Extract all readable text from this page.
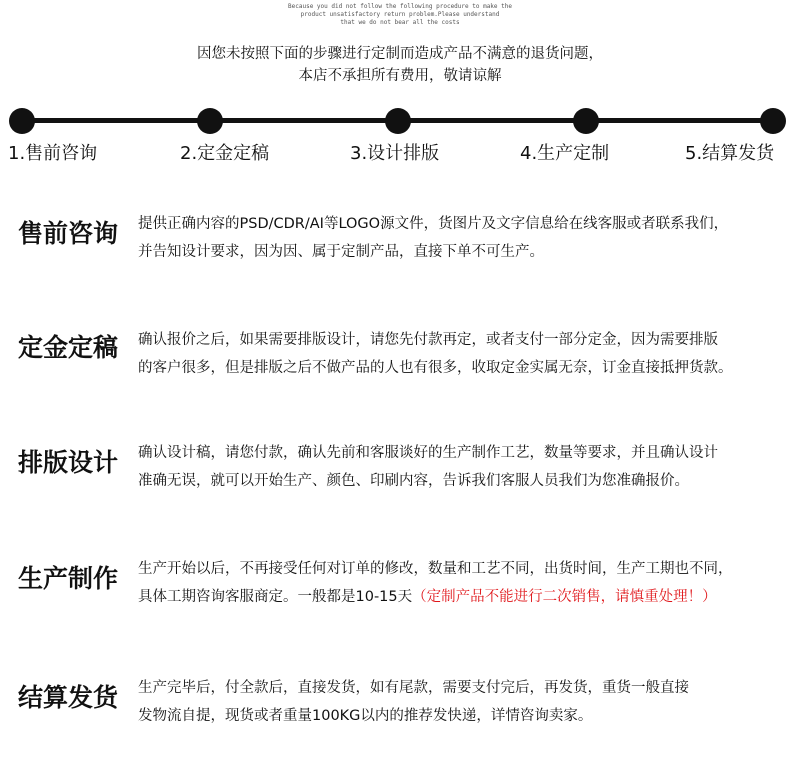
Because you did not follow the following procedure to make the
product unsatisfactory return problem.Please understand
that we do not bear all the costs
因您未按照下面的步骤进行定制而造成产品不满意的退货问题，
本店不承担所有费用，敬请谅解
1.售前咨询	2.定金定稿	3.设计排版	4.生产定制	5.结算发货
售前咨询 提供正确内容的PSD/CDR/AI等LOGO源文件，货图片及文字信息给在线客服或者联系我们，
并告知设计要求，因为因、属于定制产品，直接下单不可生产。
定金定稿 确认报价之后，如果需要排版设计，请您先付款再定，或者支付一部分定金，因为需要排版
的客户很多，但是排版之后不做产品的人也有很多，收取定金实属无奈，订金直接抵押货款。
排版设计 确认设计稿，请您付款，确认先前和客服谈好的生产制作工艺，数量等要求，并且确认设计
准确无误，就可以开始生产、颜色、印刷内容，告诉我们客服人员我们为您准确报价。
生产制作 生产开始以后，不再接受任何对订单的修改，数量和工艺不同，出货时间，生产工期也不同，
具体工期咨询客服商定。一般都是10-15天（定制产品不能进行二次销售，请慎重处理！）
结算发货 生产完毕后，付全款后，直接发货，如有尾款，需要支付完后，再发货，重货一般直接
发物流自提，现货或者重量100KG以内的推荐发快递，详情咨询卖家。
